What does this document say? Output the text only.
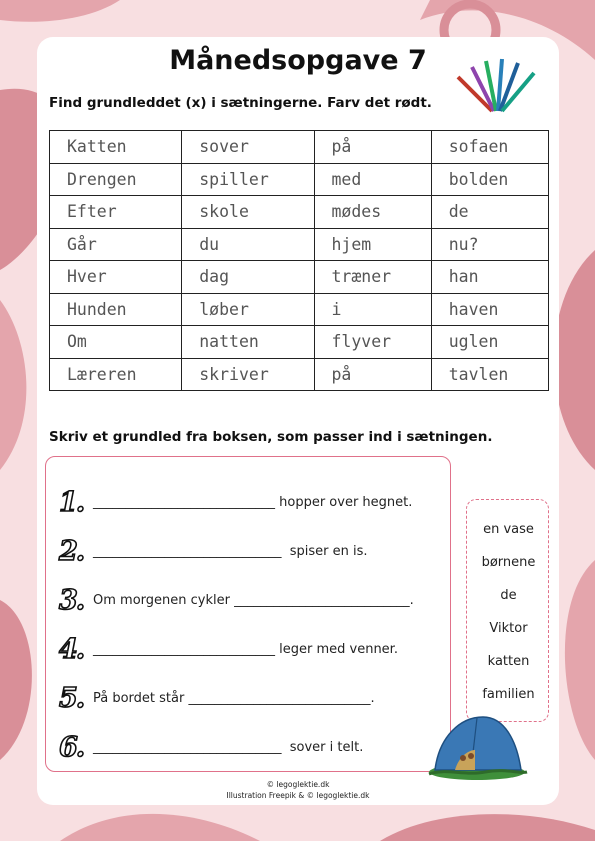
Månedsopgave 7

Find grundleddet (x) i sætningerne. Farv det rødt.

Katten	sover	på	sofaen
Drengen	spiller	med	bolden
Efter	skole	mødes	de
Går	du	hjem	nu?
Hver	dag	træner	han
Hunden	løber	i	haven
Om	natten	flyver	uglen
Læreren	skriver	på	tavlen

Skriv et grundled fra boksen, som passer ind i sætningen.

1. ____________________________ hopper over hegnet.
2. _____________________________  spiser en is.
3. Om morgenen cykler ___________________________.
4. ____________________________ leger med venner.
5. På bordet står ____________________________.
6. _____________________________  sover i telt.
en vase
børnene
de
Viktor
katten
familien

© legoglektie.dk

Illustration Freepik & © legoglektie.dk
